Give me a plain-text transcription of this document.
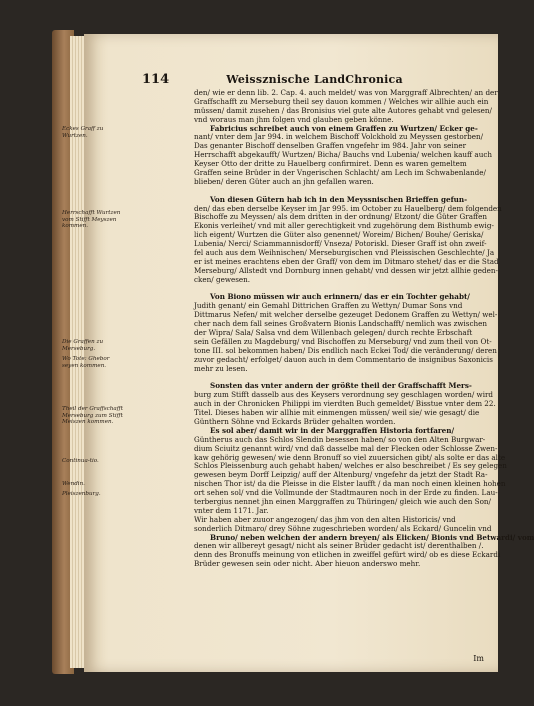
114	Weissznische LandChronica
Eckes Graff zu Wurtzen.
Herrschafft Wurtzen vom Stifft Meyszen kommen.
Die Graffen zu Merseburg.
Wo Tote: Ghebor seyen kommen.
Theil der Graffschafft Merseburg zum Stifft Meiszen kommen.
Continua-tio.
Wendin.
Pleiszenburg.
den/ wie er denn lib. 2. Cap. 4. auch meldet/ was von Marggraff Albrechten/ an der
Graffschafft zu Merseburg theil sey dauon kommen / Welches wir allhie auch ein
müssen/ damit zusehen / das Bronisius viel gute alte Autores gehabt vnd gelesen/
vnd woraus man jhm folgen vnd glauben geben könne.
Fabricius schreibet auch von einem Graffen zu Wurtzen/ Ecker ge-
nant/ vnter dem Jar 994. in welchem Bischoff Volckhold zu Meyssen gestorben/
Das genanter Bischoff denselben Graffen vngefehr im 984. Jahr von seiner
Herrschafft abgekaufft/ Wurtzen/ Bicha/ Bauchs vnd Lubenia/ welchen kauff auch
Keyser Otto der dritte zu Hauelberg confirmiret. Denn es waren gemeltem
Graffen seine Brüder in der Vngerischen Schlacht/ am Lech im Schwabenlande/
blieben/ deren Güter auch an jhn gefallen waren.
Von diesen Gütern hab ich in den Meyssnischen Brieffen gefun-
den/ das eben derselbe Keyser im Jar 995. im October zu Hauelberg/ dem folgenden
Bischoffe zu Meyssen/ als dem dritten in der ordnung/ Etzont/ die Güter Graffen
Ekonis verleihet/ vnd mit aller gerechtigkeit vnd zugehörung dem Bisthumb ewig-
lich eigent/ Wurtzen die Güter also genennet/ Woreim/ Bichen/ Bouhe/ Geriska/
Lubenia/ Nerci/ Sciammannisdorff/ Vnseza/ Potoriskl. Dieser Graff ist ohn zweif-
fel auch aus dem Weihnischen/ Merseburgischen vnd Pleissischen Geschlechte/ Ja
er ist meines erachtens eben der Graff/ von dem im Ditmaro stehet/ das er die Stad
Merseburg/ Allstedt vnd Dornburg innen gehabt/ vnd dessen wir jetzt allhie geden-
cken/ gewesen.
Von Biono müssen wir auch erinnern/ das er ein Tochter gehabt/
Judith genant/ ein Gemahl Dittrichen Graffen zu Wettyn/ Dumar Sons vnd
Dittmarus Nefen/ mit welcher derselbe gezeuget Dedonem Graffen zu Wettyn/ wel-
cher nach dem fall seines Großvatern Bionis Landschafft/ nemlich was zwischen
der Wipra/ Sala/ Salsa vnd dem Willenbach gelegen/ durch rechte Erbschaft
sein Gefällen zu Magdeburg/ vnd Bischoffen zu Merseburg/ vnd zum theil von Ot-
tone III. sol bekommen haben/ Dis endlich nach Eckei Tod/ die veränderung/ deren
zuvor gedacht/ erfolget/ dauon auch in dem Commentario de insignibus Saxonicis
mehr zu lesen.
Sonsten das vnter andern der größte theil der Graffschafft Mers-
burg zum Stifft dasselb aus des Keysers verordnung sey geschlagen worden/ wird
auch in der Chronicken Philippi im vierdten Buch gemeldet/ Bisstue vnter dem 22.
Titel. Dieses haben wir allhie mit einmengen müssen/ weil sie/ wie gesagt/ die
Günthern Söhne vnd Eckards Brüder gehalten worden.
Es sol aber/ damit wir in der Marggraffen Historia fortfaren/
Güntherus auch das Schlos Slendin besessen haben/ so von den Alten Burgwar-
dium Sciuitz genannt wird/ vnd daß dasselbe mal der Flecken oder Schlosse Zwen-
kaw gehörig gewesen/ wie denn Bronuff so viel zuuersichen gibt/ als solte er das alte
Schlos Pleissenburg auch gehabt haben/ welches er also beschreibet / Es sey gelegen
gewesen beym Dorff Leipzig/ auff der Altenburg/ vngefehr da jetzt der Stadt Ra-
nischen Thor ist/ da die Pleisse in die Elster laufft / da man noch einen kleinen hohen
ort sehen sol/ vnd die Vollmunde der Stadtmauren noch in der Erde zu finden. Lau-
terbergius nennet jhn einen Marggraffen zu Thüringen/ gleich wie auch den Son/
vnter dem 1171. Jar.
Wir haben aber zuuor angezogen/ das jhm von den alten Historicis/ vnd
sonderlich Ditmaro/ drey Söhne zugeschrieben worden/ als Eckard/ Guncelin vnd
Bruno/ neben welchen der andern breyen/ als Elicken/ Bionis vnd Betwardi/ vom
denen wir allbereyt gesagt/ nicht als seiner Brüder gedacht ist/ derenthalben /.
denn des Bronuffs meinung von etlichen in zweiffel gefürt wird/ ob es diese Eckardi
Brüder gewesen sein oder nicht. Aber hieuon anderswo mehr.
Im
